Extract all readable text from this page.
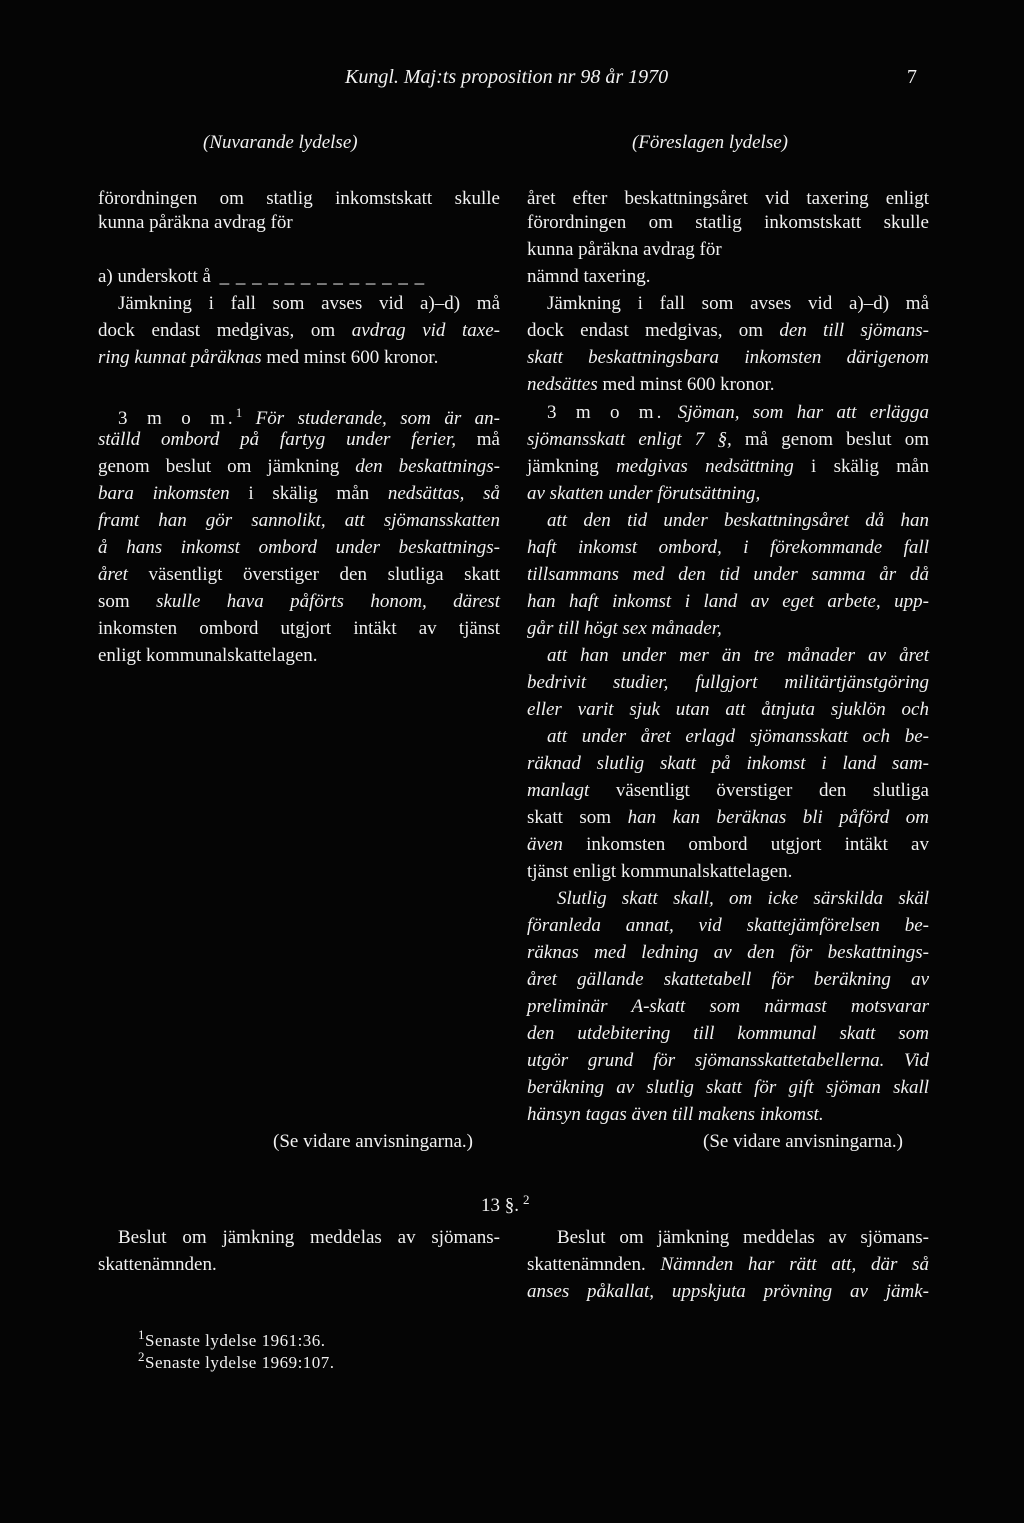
Kungl. Maj:ts proposition nr 98 år 1970	7
(Nuvarande lydelse)	(Föreslagen lydelse)
förordningen om statlig inkomstskatt skulle
kunna påräkna avdrag för
a) underskott å _ _ _ _ _ _ _ _ _ _ _ _ _
Jämkning i fall som avses vid a)–d) må
dock endast medgivas, om avdrag vid taxe-
ring kunnat påräknas med minst 600 kronor.
3 m o m.$^1$ För studerande, som är an-
ställd ombord på fartyg under ferier, må
genom beslut om jämkning den beskattnings-
bara inkomsten i skälig mån nedsättas, så
framt han gör sannolikt, att sjömansskatten
å hans inkomst ombord under beskattnings-
året väsentligt överstiger den slutliga skatt
som skulle hava påförts honom, därest
inkomsten ombord utgjort intäkt av tjänst
enligt kommunalskattelagen.
(Se vidare anvisningarna.)
Beslut om jämkning meddelas av sjömans-
skattenämnden.
året efter beskattningsåret vid taxering enligt
förordningen om statlig inkomstskatt skulle
kunna påräkna avdrag för
nämnd taxering.
Jämkning i fall som avses vid a)–d) må
dock endast medgivas, om den till sjömans-
skatt beskattningsbara inkomsten därigenom
nedsättes med minst 600 kronor.
3 m o m. Sjöman, som har att erlägga
sjömansskatt enligt 7 §, må genom beslut om
jämkning medgivas nedsättning i skälig mån
av skatten under förutsättning,
att den tid under beskattningsåret då han
haft inkomst ombord, i förekommande fall
tillsammans med den tid under samma år då
han haft inkomst i land av eget arbete, upp-
går till högt sex månader,
att han under mer än tre månader av året
bedrivit studier, fullgjort militärtjänstgöring
eller varit sjuk utan att åtnjuta sjuklön och
att under året erlagd sjömansskatt och be-
räknad slutlig skatt på inkomst i land sam-
manlagt väsentligt överstiger den slutliga
skatt som han kan beräknas bli påförd om
även inkomsten ombord utgjort intäkt av
tjänst enligt kommunalskattelagen.
Slutlig skatt skall, om icke särskilda skäl
föranleda annat, vid skattejämförelsen be-
räknas med ledning av den för beskattnings-
året gällande skattetabell för beräkning av
preliminär A-skatt som närmast motsvarar
den utdebitering till kommunal skatt som
utgör grund för sjömansskattetabellerna. Vid
beräkning av slutlig skatt för gift sjöman skall
hänsyn tagas även till makens inkomst.
(Se vidare anvisningarna.)
Beslut om jämkning meddelas av sjömans-
skattenämnden. Nämnden har rätt att, där så
anses påkallat, uppskjuta prövning av jämk-
13 §. $^2$
$^1$Senaste lydelse 1961:36.
$^2$Senaste lydelse 1969:107.
